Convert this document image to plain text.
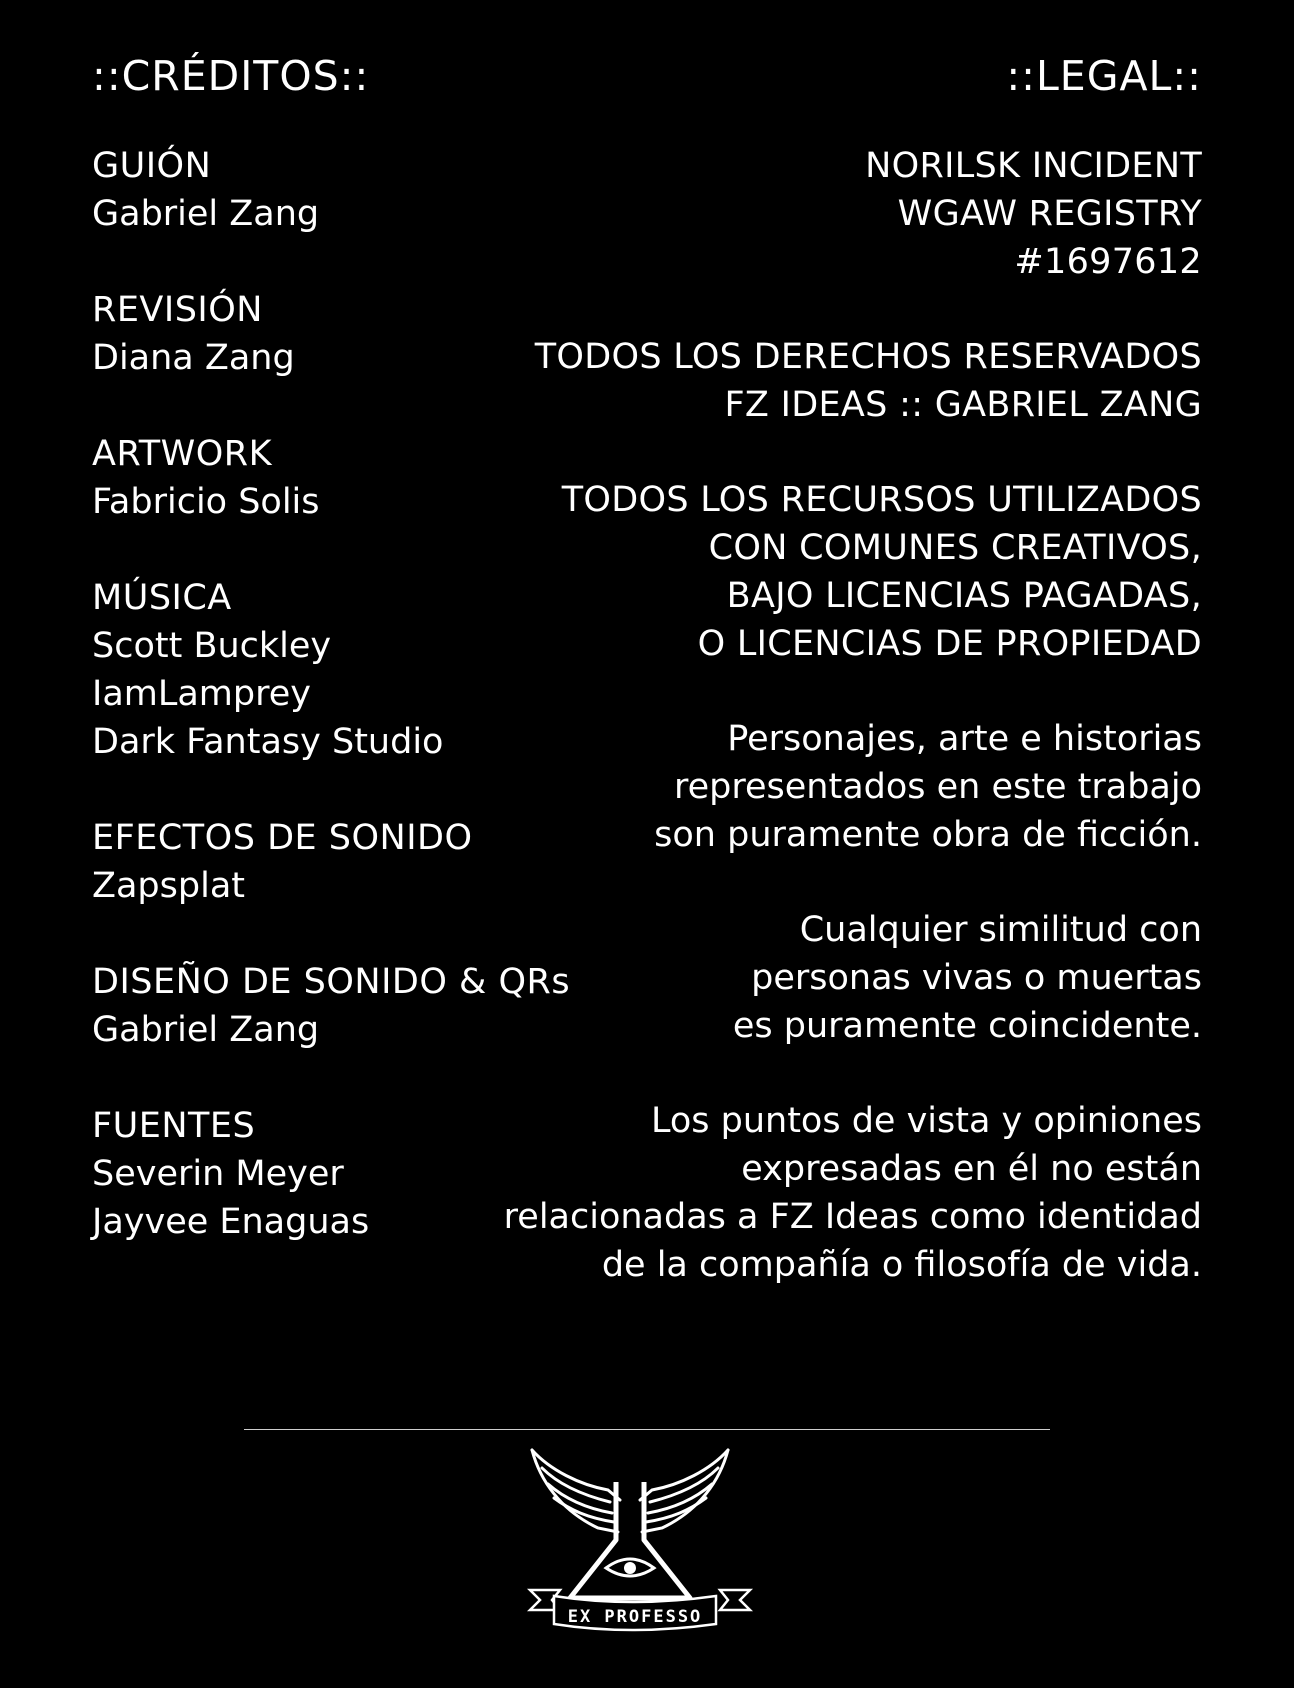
::CRÉDITOS::
GUIÓN
Gabriel Zang
REVISIÓN
Diana Zang
ARTWORK
Fabricio Solis
MÚSICA
Scott Buckley
IamLamprey
Dark Fantasy Studio
EFECTOS DE SONIDO
Zapsplat
DISEÑO DE SONIDO & QRs
Gabriel Zang
FUENTES
Severin Meyer
Jayvee Enaguas
::LEGAL::
NORILSK INCIDENT
WGAW REGISTRY
#1697612
TODOS LOS DERECHOS RESERVADOS
FZ IDEAS :: GABRIEL ZANG
TODOS LOS RECURSOS UTILIZADOS
CON COMUNES CREATIVOS,
BAJO LICENCIAS PAGADAS,
O LICENCIAS DE PROPIEDAD
Personajes, arte e historias
representados en este trabajo
son puramente obra de ficción.
Cualquier similitud con
personas vivas o muertas
es puramente coincidente.
Los puntos de vista y opiniones
expresadas en él no están
relacionadas a FZ Ideas como identidad
de la compañía o filosofía de vida.
EX PROFESSO
